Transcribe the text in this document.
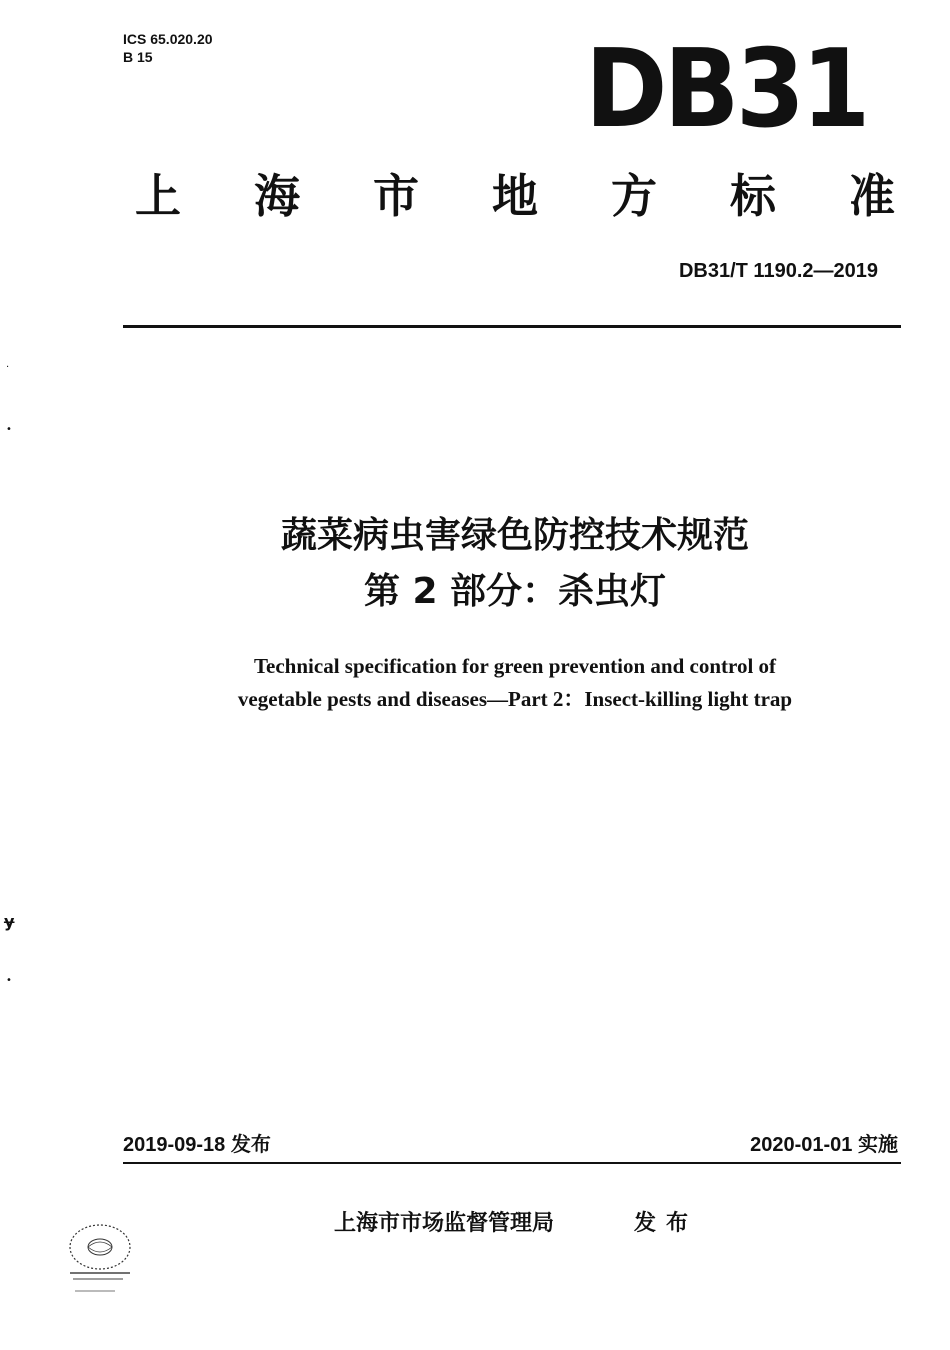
ICS 65.020.20
B 15	DB31
上 海 市 地 方 标 准
DB31/T 1190.2—2019
蔬菜病虫害绿色防控技术规范
第 2 部分：杀虫灯
Technical specification for green prevention and control of
vegetable pests and diseases—Part 2：Insect-killing light trap
·
•
ɏ
•
2019-09-18 发布	2020-01-01 实施
上海市市场监督管理局	发布
